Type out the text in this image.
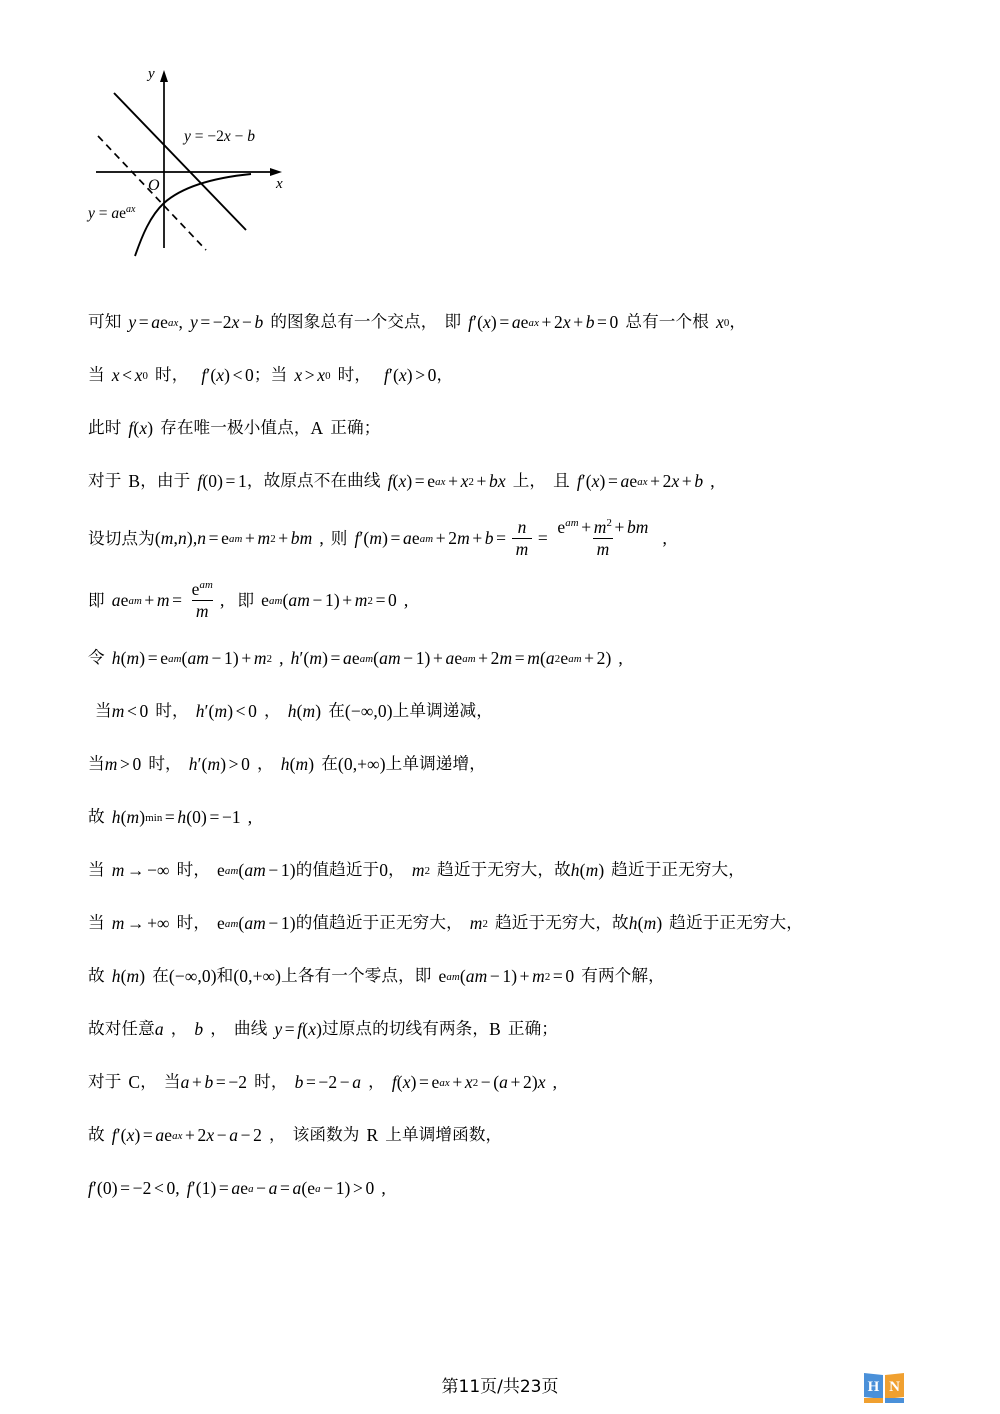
y
x
O
y = −2x − b
$y = ae^{ax}$
可知 y = a e ax , y = −2 x − b 的图象总有一个交点， 即 f ′ ( x ) = a e ax + 2 x + b = 0 总有一个根 x 0 ，
当 x < x 0 时， f ′ ( x ) < 0 ； 当 x > x 0 时， f ′ ( x ) > 0 ，
此时 f ( x ) 存在唯一极小值点， A 正确；
对于 B ， 由于 f ( 0 ) = 1 ， 故原点不在曲线 f ( x ) = e ax + x 2 + bx 上， 且 f ′ ( x ) = a e ax + 2 x + b ,
设切点为 ( m , n ) , n = e am + m 2 + bm , 则 f ′ ( m ) = a e am + 2 $m + b = \frac{n}{m} = \frac{e^{am} + m^2 + bm}{m}$ ,
即 a e am + $m = \frac{e^{am}}{m}$ , 即 e am ( am − 1 ) + m 2 = 0 ,
令 h ( m ) = e am ( am − 1 ) + m 2 , h ′ ( m ) = a e am ( am − 1 ) + a e am + 2 m = m ( a 2 e am + 2 ) ,
当 m < 0 时， h ′ ( m ) < 0 ， h ( m ) 在 (−∞,0) 上单调递减，
当 m > 0 时， h ′ ( m ) > 0 ， h ( m ) 在 (0,+∞) 上单调递增，
故 h ( m ) min = h ( 0 ) = −1 ,
当 m → −∞ 时， e am ( am − 1 ) 的值趋近于 0 ， m 2 趋近于无穷大，故 h ( m ) 趋近于正无穷大，
当 m → +∞ 时， e am ( am − 1 ) 的值趋近于正无穷大， m 2 趋近于无穷大，故 h ( m ) 趋近于正无穷大，
故 h ( m ) 在 (−∞,0) 和 (0,+∞) 上各有一个零点， 即 e am ( am − 1 ) + m 2 = 0 有两个解，
故对任意 a ， b ， 曲线 y = f ( x ) 过原点的切线有两条， B 正确；
对于 C ， 当 a + b = −2 时， b = −2 − a ， f ( x ) = e ax + x 2 − ( a + 2) x ,
故 f ′ ( x ) = a e ax + 2 x − a − 2 ， 该函数为 R 上单调增函数，
f ′ ( 0 ) = −2 < 0 , f ′ ( 1 ) = a e a − a = a ( e a − 1 ) > 0 ,
第11页/共23页	H N
